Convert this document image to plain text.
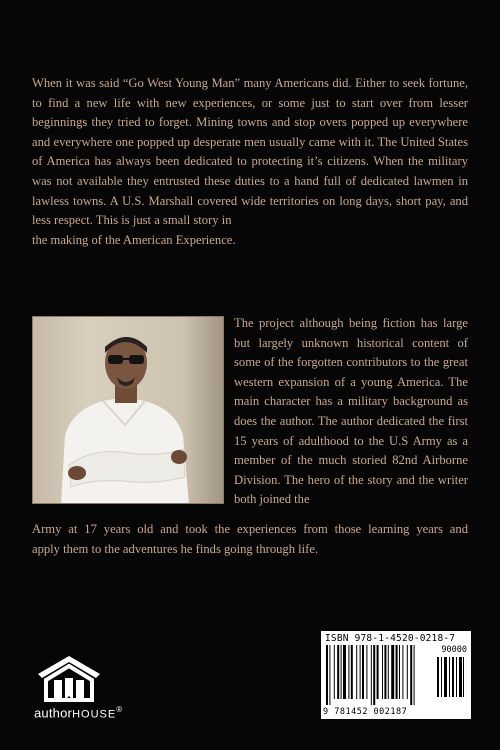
When it was said “Go West Young Man” many Americans did. Either to seek fortune, to find a new life with new experiences, or some just to start over from lesser beginnings they tried to forget. Mining towns and stop overs popped up everywhere and everywhere one popped up desperate men usually came with it. The United States of America has always been dedicated to protecting it’s citizens. When the military was not available they entrusted these duties to a hand full of dedicated lawmen in lawless towns. A U.S. Marshall covered wide territories on long days, short pay, and less respect. This is just a small story in
the making of the American Experience.

The project although being fiction has large but largely unknown historical content of some of the forgotten contributors to the great western expansion of a young America. The main character has a military background as does the author. The author dedicated the first 15 years of adulthood to the U.S Army as a member of the much storied 82nd Airborne Division. The hero of the story and the writer both joined the

Army at 17 years old and took the experiences from those learning years and
apply them to the adventures he finds going through life.
authorHOUSE®
ISBN 978-1-4520-0218-7
90000
9 781452 002187
